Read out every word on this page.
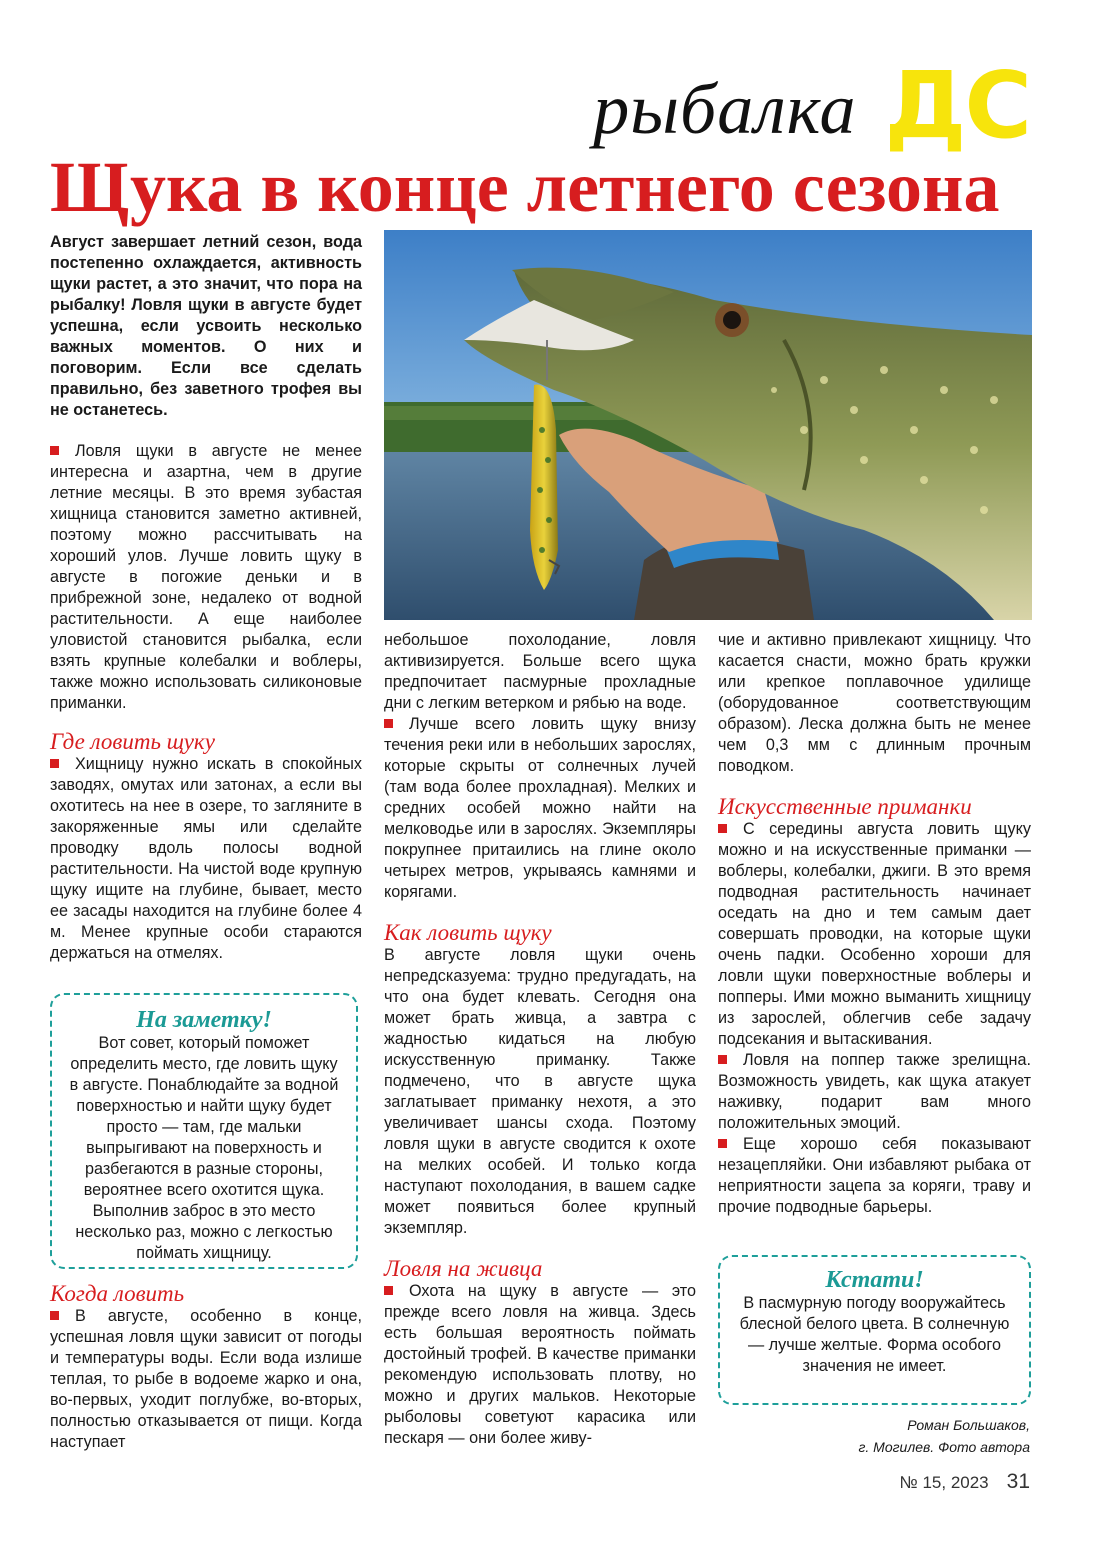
рыбалка ДС
Щука в конце летнего сезона
Август завершает летний сезон, вода постепенно охлаждается, активность щуки растет, а это значит, что пора на рыбалку! Ловля щуки в августе будет успешна, если усвоить несколько важных моментов. О них и поговорим. Если все сделать правильно, без заветного трофея вы не останетесь.

Ловля щуки в августе не менее интересна и азартна, чем в другие летние месяцы. В это время зубастая хищница становится заметно активней, поэтому можно рассчитывать на хороший улов. Лучше ловить щуку в августе в погожие деньки и в прибрежной зоне, недалеко от водной растительности. А еще наиболее уловистой становится рыбалка, если взять крупные колебалки и воблеры, также можно использовать силиконовые приманки.

Где ловить щуку

Хищницу нужно искать в спокойных заводях, омутах или затонах, а если вы охотитесь на нее в озере, то загляните в закоряженные ямы или сделайте проводку вдоль полосы водной растительности. На чистой воде крупную щуку ищите на глубине, бывает, место ее засады находится на глубине более 4 м. Менее крупные особи стараются держаться на отмелях.

На заметку!

Вот совет, который поможет определить место, где ловить щуку в августе. Понаблюдайте за водной поверхностью и найти щуку будет просто — там, где мальки выпрыгивают на поверхность и разбегаются в разные стороны, вероятнее всего охотится щука. Выполнив заброс в это место несколько раз, можно с легкостью поймать хищницу.

Когда ловить

В августе, особенно в конце, успешная ловля щуки зависит от погоды и температуры воды. Если вода излише теплая, то рыбе в водоеме жарко и она, во-первых, уходит поглубже, во-вторых, полностью отказывается от пищи. Когда наступает

небольшое похолодание, ловля активизируется. Больше всего щука предпочитает пасмурные прохладные дни с легким ветерком и рябью на воде.

Лучше всего ловить щуку внизу течения реки или в небольших зарослях, которые скрыты от солнечных лучей (там вода более прохладная). Мелких и средних особей можно найти на мелководье или в зарослях. Экземпляры покрупнее притаились на глине около четырех метров, укрываясь камнями и корягами.

Как ловить щуку

В августе ловля щуки очень непредсказуема: трудно предугадать, на что она будет клевать. Сегодня она может брать живца, а завтра с жадностью кидаться на любую искусственную приманку. Также подмечено, что в августе щука заглатывает приманку нехотя, а это увеличивает шансы схода. Поэтому ловля щуки в августе сводится к охоте на мелких особей. И только когда наступают похолодания, в вашем садке может появиться более крупный экземпляр.

Ловля на живца

Охота на щуку в августе — это прежде всего ловля на живца. Здесь есть большая вероятность поймать достойный трофей. В качестве приманки рекомендую использовать плотву, но можно и других мальков. Некоторые рыболовы советуют карасика или пескаря — они более живу-

чие и активно привлекают хищницу. Что касается снасти, можно брать кружки или крепкое поплавочное удилище (оборудованное соответствующим образом). Леска должна быть не менее чем 0,3 мм с длинным прочным поводком.

Искусственные приманки

С середины августа ловить щуку можно и на искусственные приманки — воблеры, колебалки, джиги. В это время подводная растительность начинает оседать на дно и тем самым дает совершать проводки, на которые щуки очень падки. Особенно хороши для ловли щуки поверхностные воблеры и попперы. Ими можно выманить хищницу из зарослей, облегчив себе задачу подсекания и вытаскивания.

Ловля на поппер также зрелищна. Возможность увидеть, как щука атакует наживку, подарит вам много положительных эмоций.

Еще хорошо себя показывают незацепляйки. Они избавляют рыбака от неприятности зацепа за коряги, траву и прочие подводные барьеры.

Кстати!

В пасмурную погоду вооружайтесь блесной белого цвета. В солнечную — лучше желтые. Форма особого значения не имеет.

Роман Большаков,
г. Могилев. Фото автора
№ 15, 2023 31
